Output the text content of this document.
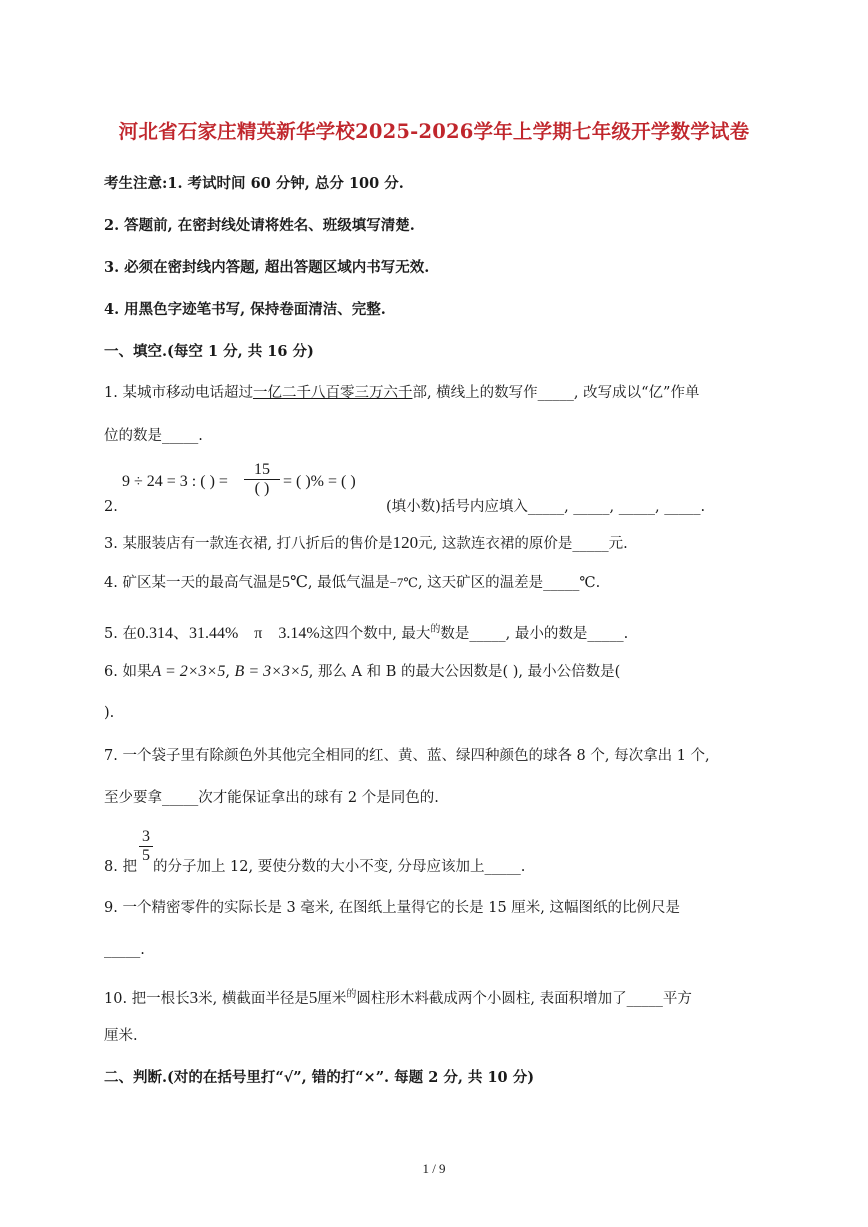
河北省石家庄精英新华学校2025-2026学年上学期七年级开学数学试卷
考生注意:1. 考试时间 60 分钟, 总分 100 分.
2. 答题前, 在密封线处请将姓名、班级填写清楚.
3. 必须在密封线内答题, 超出答题区域内书写无效.
4. 用黑色字迹笔书写, 保持卷面清洁、完整.
一、填空.(每空 1 分, 共 16 分)
1. 某城市移动电话超过一亿二千八百零三万六千部, 横线上的数写作_____, 改写成以“亿”作单
位的数是_____.
9 ÷ 24 = 3 : ( ) =
15
( ) = ( )% = ( )
2.	(填小数)括号内应填入_____, _____, _____, _____.
3. 某服装店有一款连衣裙, 打八折后的售价是120元, 这款连衣裙的原价是_____元.
4. 矿区某一天的最高气温是5℃, 最低气温是−7℃, 这天矿区的温差是_____℃.
5. 在0.314、31.44%　π　3.14%这四个数中, 最大$^的$数是_____, 最小的数是_____.
6. 如果A = 2×3×5, B = 3×3×5, 那么 A 和 B 的最大公因数是( ), 最小公倍数是(
).
7. 一个袋子里有除颜色外其他完全相同的红、黄、蓝、绿四种颜色的球各 8 个, 每次拿出 1 个,
至少要拿_____次才能保证拿出的球有 2 个是同色的.
$\frac{3}{5}$
8. 把 的分子加上 12, 要使分数的大小不变, 分母应该加上_____.
9. 一个精密零件的实际长是 3 毫米, 在图纸上量得它的长是 15 厘米, 这幅图纸的比例尺是
_____.
10. 把一根长3米, 横截面半径是5厘米$^的$圆柱形木料截成两个小圆柱, 表面积增加了_____平方
厘米.
二、判断.(对的在括号里打“√”, 错的打“×”. 每题 2 分, 共 10 分)
1 / 9
